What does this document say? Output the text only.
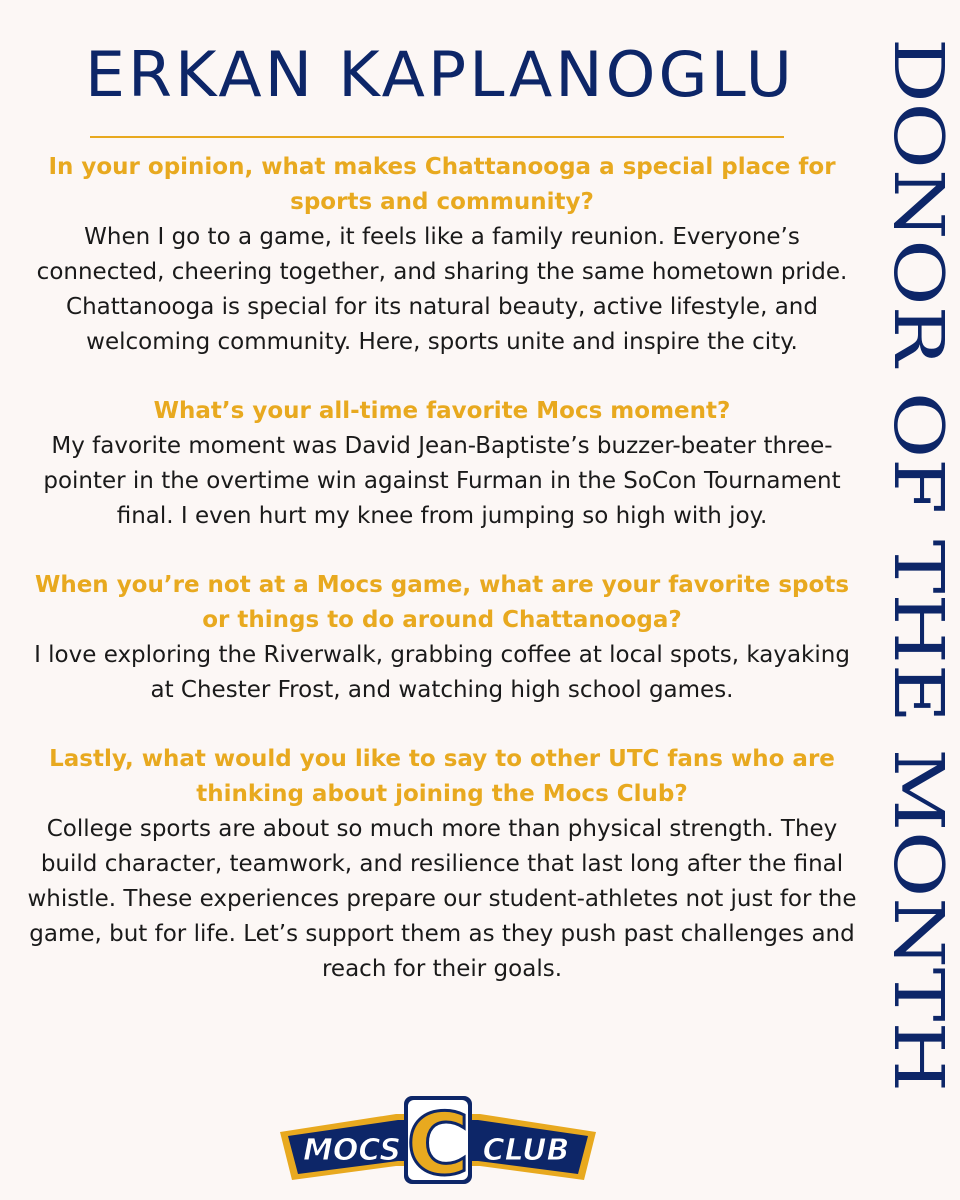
ERKAN KAPLANOGLU	DONOR OF THE MONTH

In your opinion, what makes Chattanooga a special place for sports and community?

When I go to a game, it feels like a family reunion. Everyone’s connected, cheering together, and sharing the same hometown pride. Chattanooga is special for its natural beauty, active lifestyle, and welcoming community. Here, sports unite and inspire the city.

What’s your all-time favorite Mocs moment?

My favorite moment was David Jean-Baptiste’s buzzer-beater three-pointer in the overtime win against Furman in the SoCon Tournament final. I even hurt my knee from jumping so high with joy.

When you’re not at a Mocs game, what are your favorite spots or things to do around Chattanooga?

I love exploring the Riverwalk, grabbing coffee at local spots, kayaking at Chester Frost, and watching high school games.

Lastly, what would you like to say to other UTC fans who are thinking about joining the Mocs Club?

College sports are about so much more than physical strength. They build character, teamwork, and resilience that last long after the final whistle. These experiences prepare our student-athletes not just for the game, but for life. Let’s support them as they push past challenges and reach for their goals.

MOCS	CLUB
C
